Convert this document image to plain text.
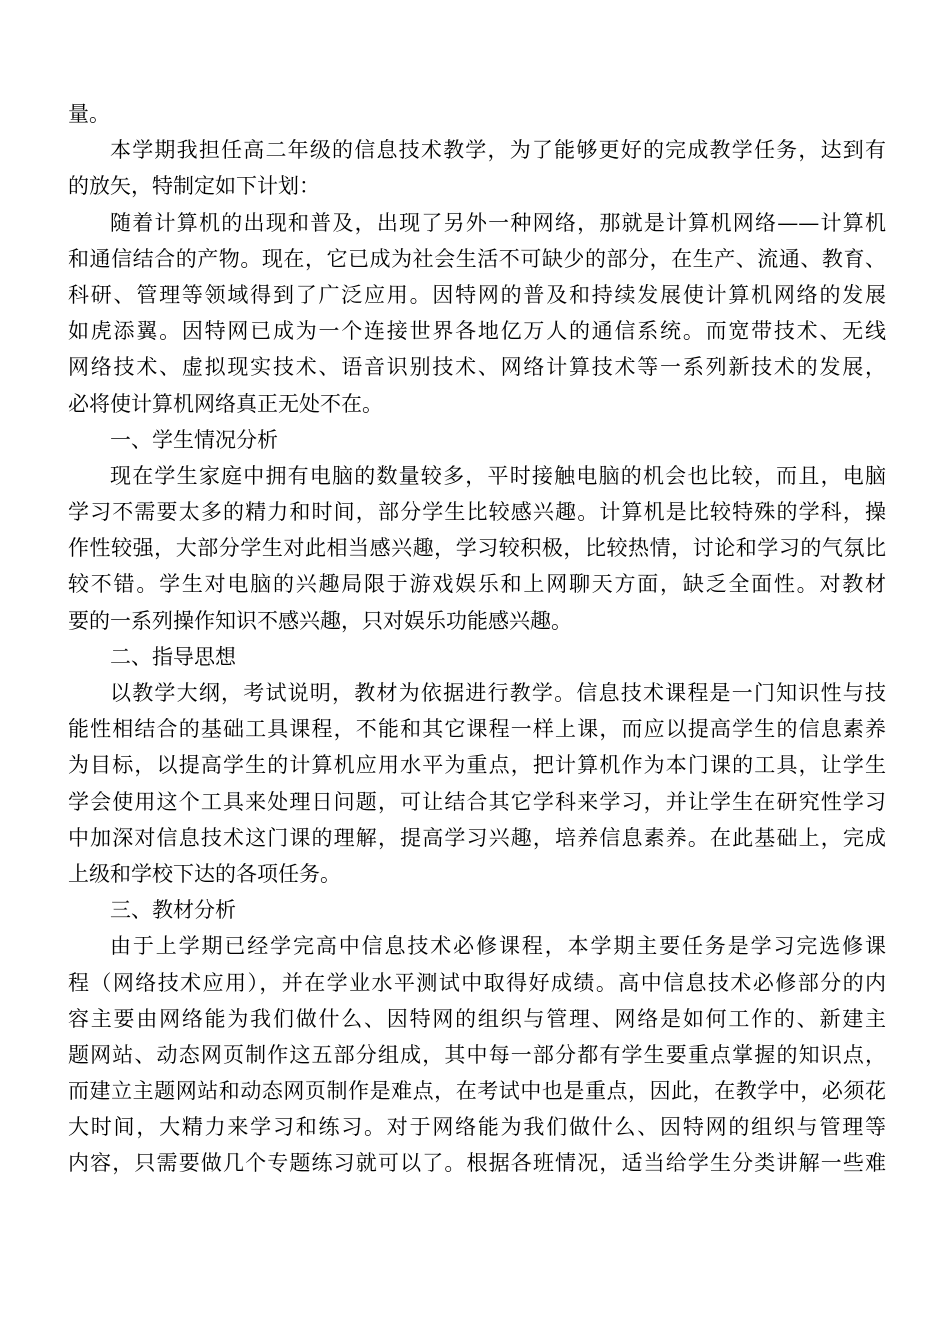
量。
本学期我担任高二年级的信息技术教学，为了能够更好的完成教学任务，达到有
的放矢，特制定如下计划：
随着计算机的出现和普及，出现了另外一种网络，那就是计算机网络——计算机
和通信结合的产物。现在，它已成为社会生活不可缺少的部分，在生产、流通、教育、
科研、管理等领域得到了广泛应用。因特网的普及和持续发展使计算机网络的发展
如虎添翼。因特网已成为一个连接世界各地亿万人的通信系统。而宽带技术、无线
网络技术、虚拟现实技术、语音识别技术、网络计算技术等一系列新技术的发展，
必将使计算机网络真正无处不在。
一、学生情况分析
现在学生家庭中拥有电脑的数量较多，平时接触电脑的机会也比较，而且，电脑
学习不需要太多的精力和时间，部分学生比较感兴趣。计算机是比较特殊的学科，操
作性较强，大部分学生对此相当感兴趣，学习较积极，比较热情，讨论和学习的气氛比
较不错。学生对电脑的兴趣局限于游戏娱乐和上网聊天方面，缺乏全面性。对教材
要的一系列操作知识不感兴趣，只对娱乐功能感兴趣。
二、指导思想
以教学大纲，考试说明，教材为依据进行教学。信息技术课程是一门知识性与技
能性相结合的基础工具课程，不能和其它课程一样上课，而应以提高学生的信息素养
为目标，以提高学生的计算机应用水平为重点，把计算机作为本门课的工具，让学生
学会使用这个工具来处理日问题，可让结合其它学科来学习，并让学生在研究性学习
中加深对信息技术这门课的理解，提高学习兴趣，培养信息素养。在此基础上，完成
上级和学校下达的各项任务。
三、教材分析
由于上学期已经学完高中信息技术必修课程，本学期主要任务是学习完选修课
程（网络技术应用），并在学业水平测试中取得好成绩。高中信息技术必修部分的内
容主要由网络能为我们做什么、因特网的组织与管理、网络是如何工作的、新建主
题网站、动态网页制作这五部分组成，其中每一部分都有学生要重点掌握的知识点，
而建立主题网站和动态网页制作是难点，在考试中也是重点，因此，在教学中，必须花
大时间，大精力来学习和练习。对于网络能为我们做什么、因特网的组织与管理等
内容，只需要做几个专题练习就可以了。根据各班情况，适当给学生分类讲解一些难
